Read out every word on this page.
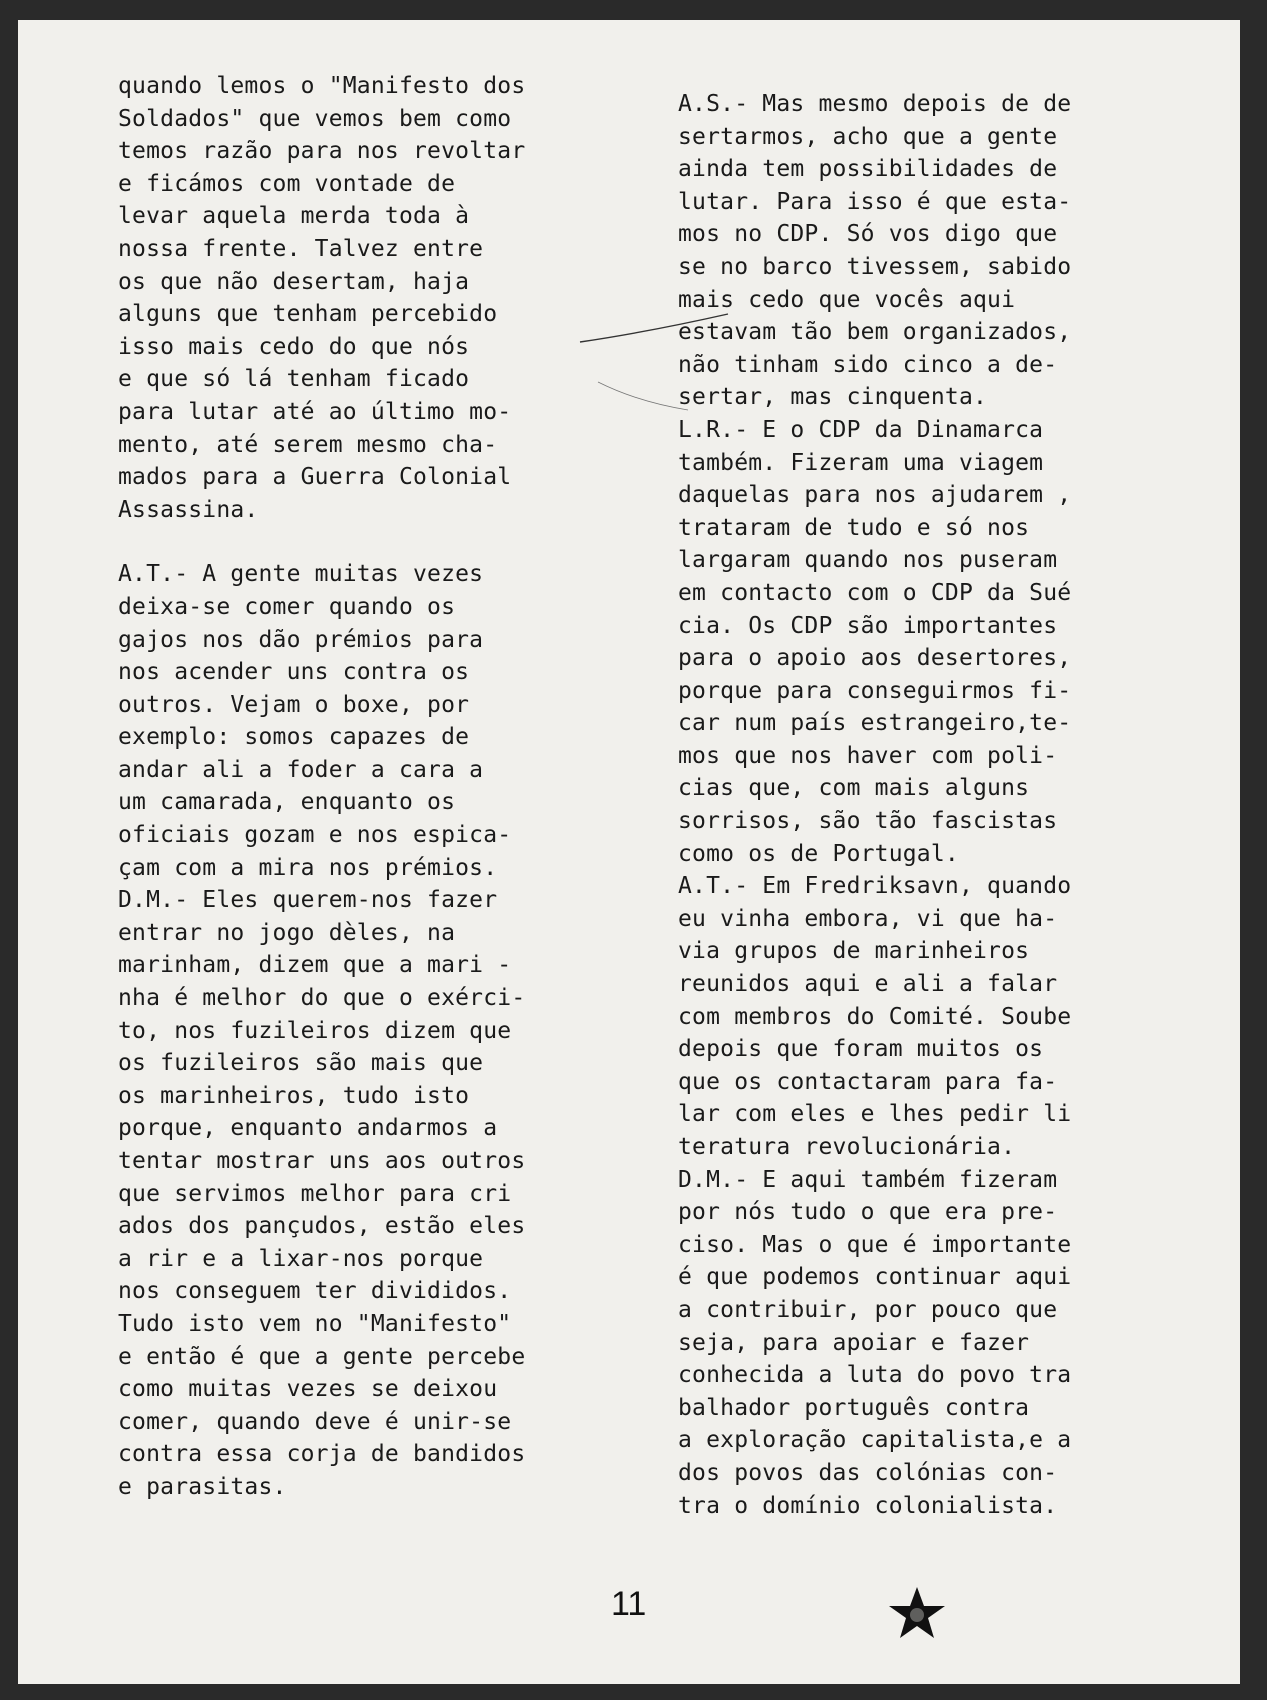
quando lemos o "Manifesto dos
Soldados" que vemos bem como
temos razão para nos revoltar
e ficámos com vontade de
levar aquela merda toda à
nossa frente. Talvez entre
os que não desertam, haja
alguns que tenham percebido
isso mais cedo do que nós
e que só lá tenham ficado
para lutar até ao último mo-
mento, até serem mesmo cha-
mados para a Guerra Colonial
Assassina.
A.T.- A gente muitas vezes
deixa-se comer quando os
gajos nos dão prémios para
nos acender uns contra os
outros. Vejam o boxe, por
exemplo: somos capazes de
andar ali a foder a cara a
um camarada, enquanto os
oficiais gozam e nos espica-
çam com a mira nos prémios.
D.M.- Eles querem-nos fazer
entrar no jogo dèles, na
marinham, dizem que a mari -
nha é melhor do que o exérci-
to, nos fuzileiros dizem que
os fuzileiros são mais que
os marinheiros, tudo isto
porque, enquanto andarmos a
tentar mostrar uns aos outros
que servimos melhor para cri
ados dos pançudos, estão eles
a rir e a lixar-nos porque
nos conseguem ter divididos.
Tudo isto vem no "Manifesto"
e então é que a gente percebe
como muitas vezes se deixou
comer, quando deve é unir-se
contra essa corja de bandidos
e parasitas.
A.S.- Mas mesmo depois de de
sertarmos, acho que a gente
ainda tem possibilidades de
lutar. Para isso é que esta-
mos no CDP. Só vos digo que
se no barco tivessem, sabido
mais cedo que vocês aqui
estavam tão bem organizados,
não tinham sido cinco a de-
sertar, mas cinquenta.
L.R.- E o CDP da Dinamarca
também. Fizeram uma viagem
daquelas para nos ajudarem ,
trataram de tudo e só nos
largaram quando nos puseram
em contacto com o CDP da Sué
cia. Os CDP são importantes
para o apoio aos desertores,
porque para conseguirmos fi-
car num país estrangeiro,te-
mos que nos haver com poli-
cias que, com mais alguns
sorrisos, são tão fascistas
como os de Portugal.
A.T.- Em Fredriksavn, quando
eu vinha embora, vi que ha-
via grupos de marinheiros
reunidos aqui e ali a falar
com membros do Comité. Soube
depois que foram muitos os
que os contactaram para fa-
lar com eles e lhes pedir li
teratura revolucionária.
D.M.- E aqui também fizeram
por nós tudo o que era pre-
ciso. Mas o que é importante
é que podemos continuar aqui
a contribuir, por pouco que
seja, para apoiar e fazer
conhecida a luta do povo tra
balhador português contra
a exploração capitalista,e a
dos povos das colónias con-
tra o domínio colonialista.
11
